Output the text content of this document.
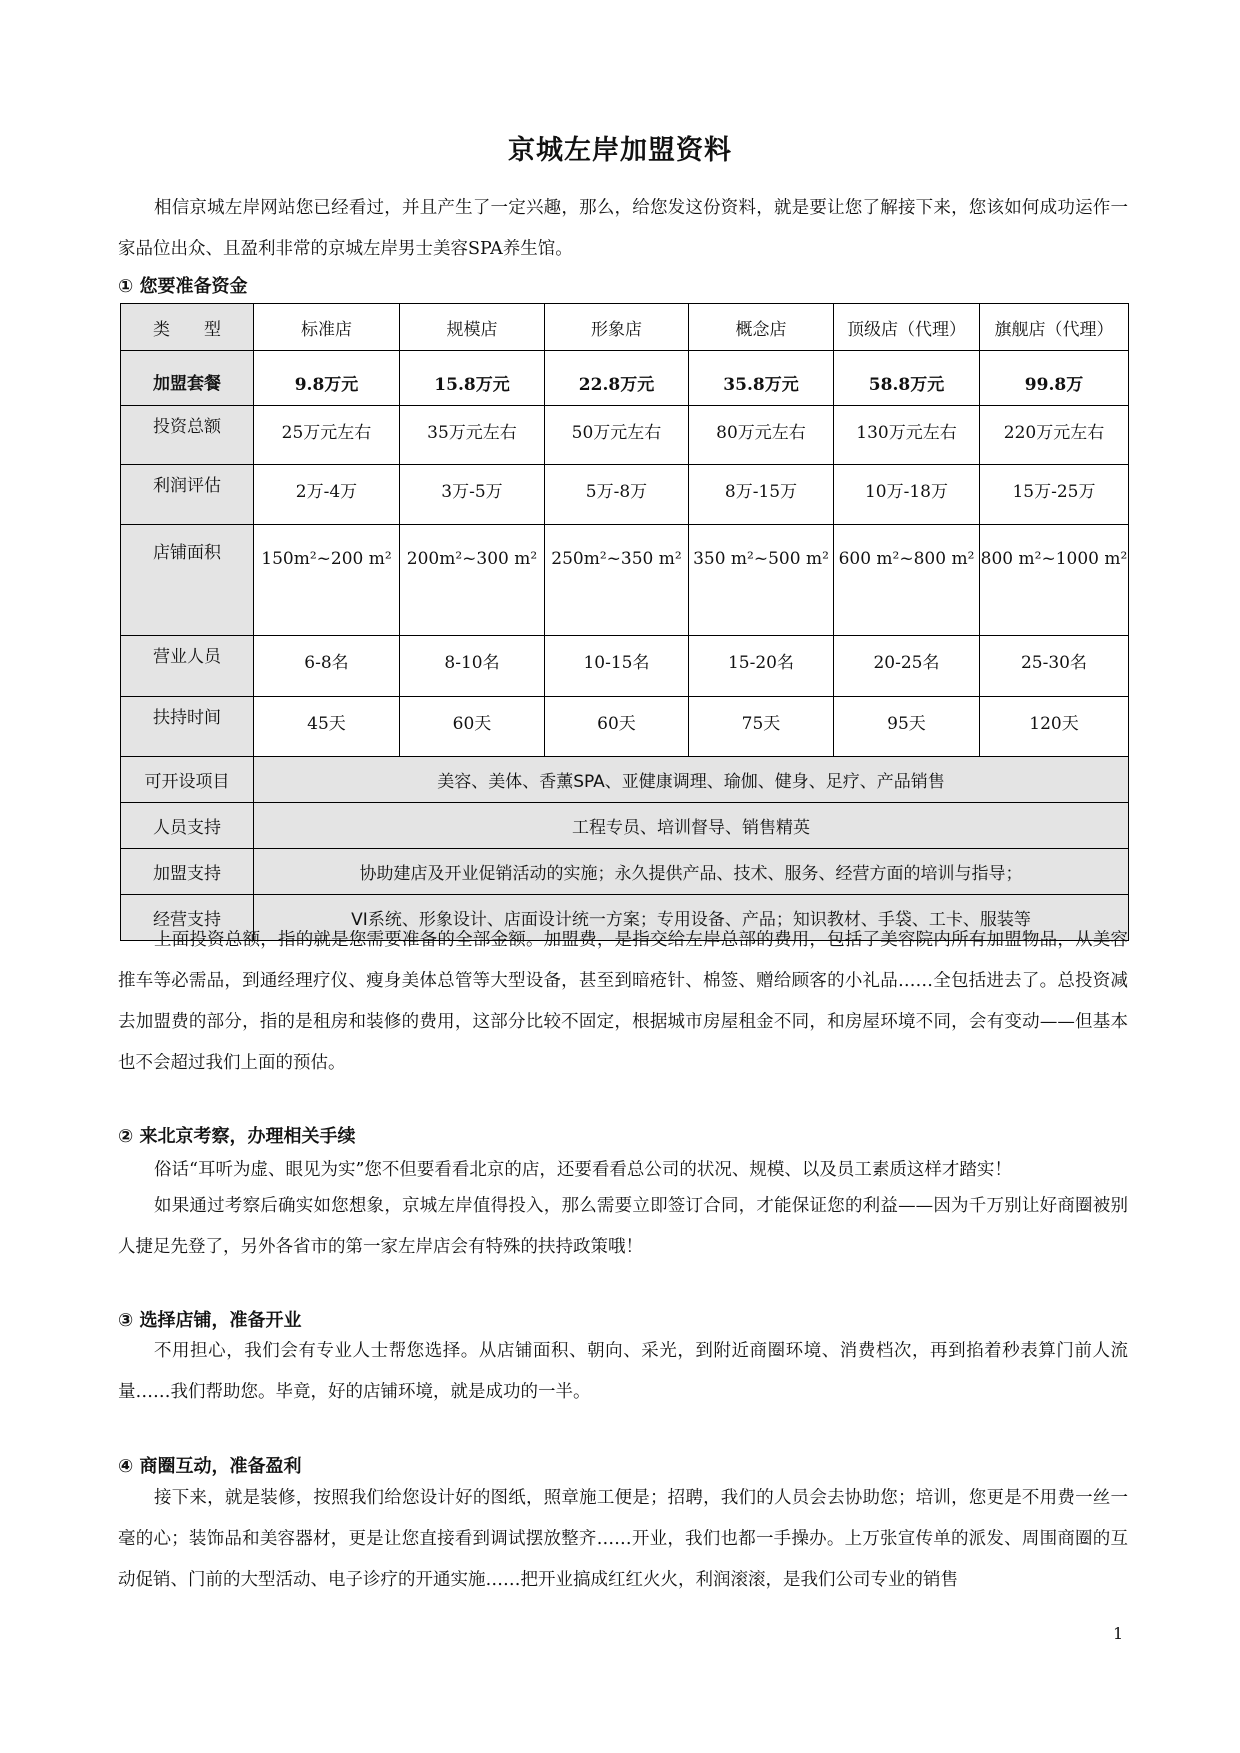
京城左岸加盟资料

相信京城左岸网站您已经看过，并且产生了一定兴趣，那么，给您发这份资料，就是要让您了解接下来，您该如何成功运作一家品位出众、且盈利非常的京城左岸男士美容SPA养生馆。

① 您要准备资金
类　　型	标准店	规模店	形象店	概念店	顶级店（代理）	旗舰店（代理）
加盟套餐	9.8万元	15.8万元	22.8万元	35.8万元	58.8万元	99.8万
投资总额	25万元左右	35万元左右	50万元左右	80万元左右	130万元左右	220万元左右
利润评估	2万-4万	3万-5万	5万-8万	8万-15万	10万-18万	15万-25万
店铺面积	150m²~200 m²	200m²~300 m²	250m²~350 m²	350 m²~500 m²	600 m²~800 m²	800 m²~1000 m²
营业人员	6-8名	8-10名	10-15名	15-20名	20-25名	25-30名
扶持时间	45天	60天	60天	75天	95天	120天
可开设项目	美容、美体、香薰SPA、亚健康调理、瑜伽、健身、足疗、产品销售					
人员支持	工程专员、培训督导、销售精英					
加盟支持	协助建店及开业促销活动的实施；永久提供产品、技术、服务、经营方面的培训与指导；					
经营支持	VI系统、形象设计、店面设计统一方案；专用设备、产品；知识教材、手袋、工卡、服装等					

上面投资总额，指的就是您需要准备的全部金额。加盟费，是指交给左岸总部的费用，包括了美容院内所有加盟物品，从美容推车等必需品，到通经理疗仪、瘦身美体总管等大型设备，甚至到暗疮针、棉签、赠给顾客的小礼品……全包括进去了。总投资减去加盟费的部分，指的是租房和装修的费用，这部分比较不固定，根据城市房屋租金不同，和房屋环境不同，会有变动——但基本也不会超过我们上面的预估。

② 来北京考察，办理相关手续

俗话“耳听为虚、眼见为实”您不但要看看北京的店，还要看看总公司的状况、规模、以及员工素质这样才踏实！

如果通过考察后确实如您想象，京城左岸值得投入，那么需要立即签订合同，才能保证您的利益——因为千万别让好商圈被别人捷足先登了，另外各省市的第一家左岸店会有特殊的扶持政策哦！

③ 选择店铺，准备开业

不用担心，我们会有专业人士帮您选择。从店铺面积、朝向、采光，到附近商圈环境、消费档次，再到掐着秒表算门前人流量……我们帮助您。毕竟，好的店铺环境，就是成功的一半。

④ 商圈互动，准备盈利

接下来，就是装修，按照我们给您设计好的图纸，照章施工便是；招聘，我们的人员会去协助您；培训，您更是不用费一丝一毫的心；装饰品和美容器材，更是让您直接看到调试摆放整齐……开业，我们也都一手操办。上万张宣传单的派发、周围商圈的互动促销、门前的大型活动、电子诊疗的开通实施……把开业搞成红红火火，利润滚滚，是我们公司专业的销售

1
